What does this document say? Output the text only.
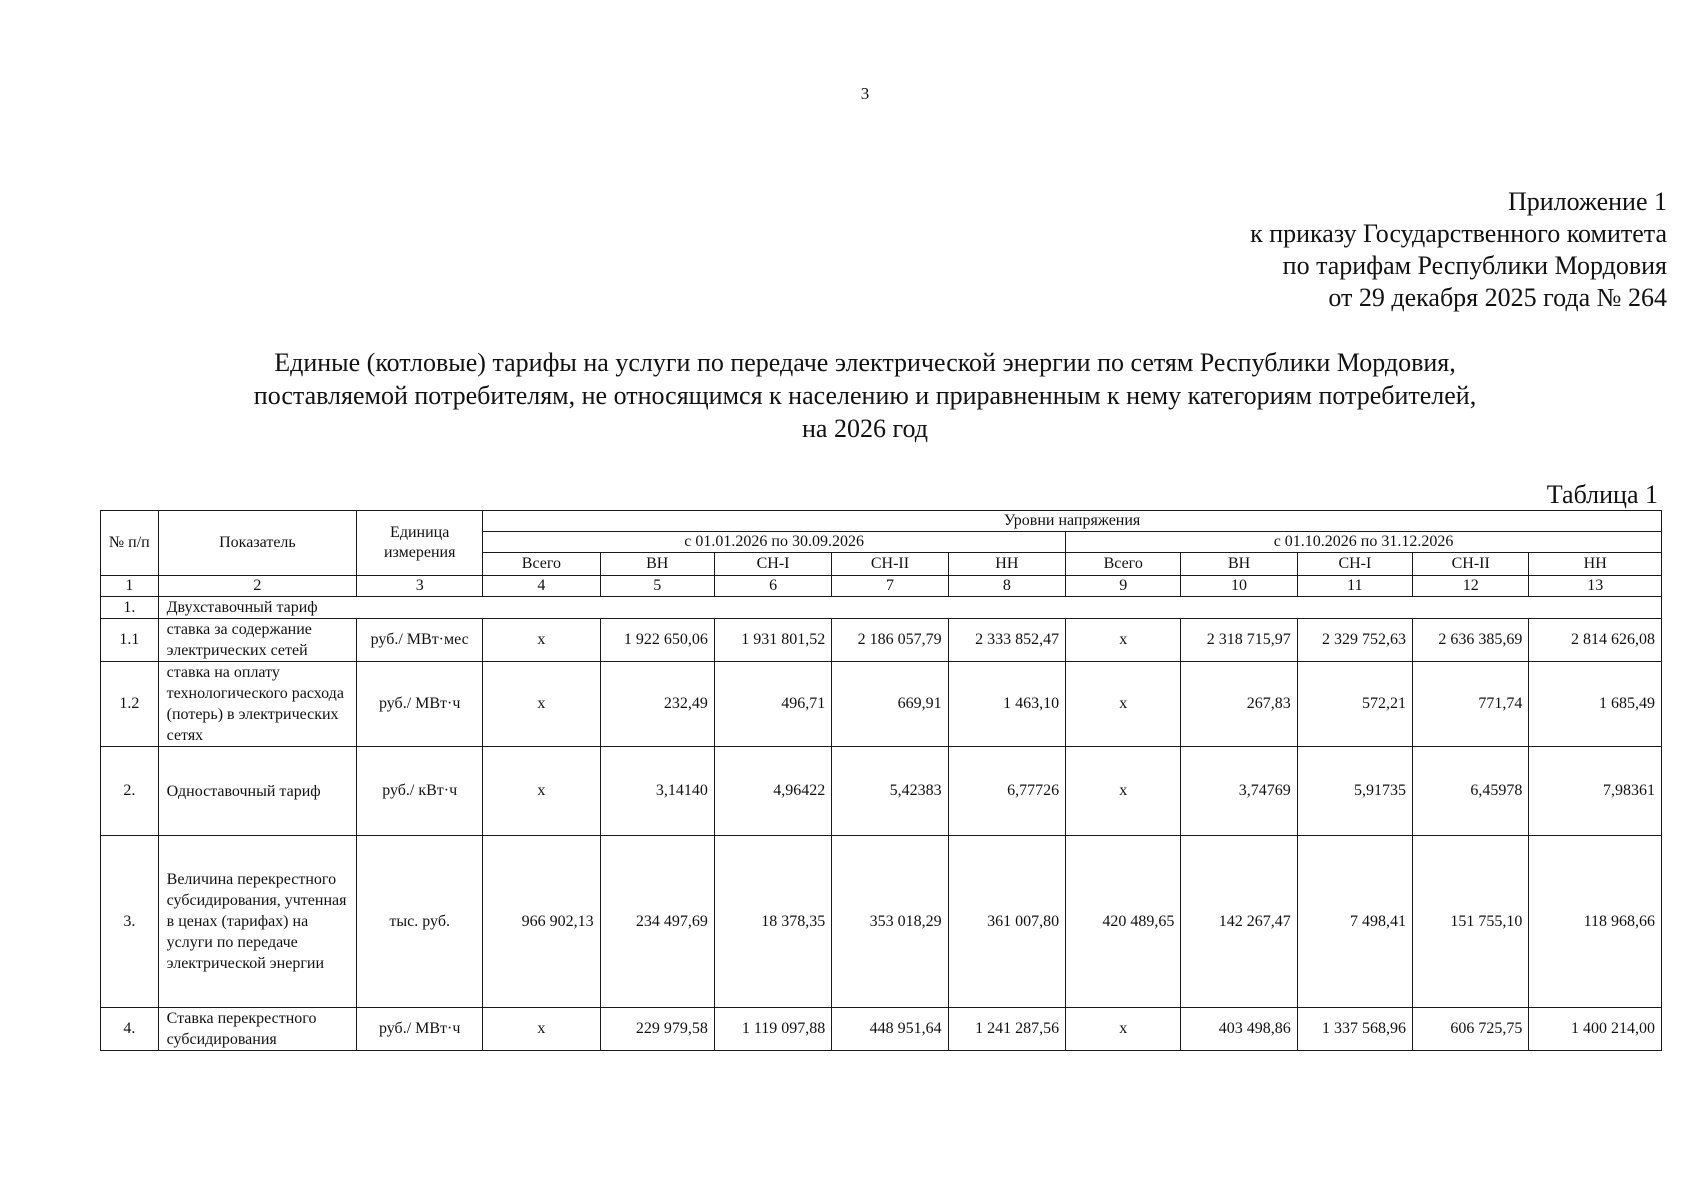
3
Приложение 1
к приказу Государственного комитета
по тарифам Республики Мордовия
от 29 декабря 2025 года № 264
Единые (котловые) тарифы на услуги по передаче электрической энергии по сетям Республики Мордовия,
поставляемой потребителям, не относящимся к населению и приравненным к нему категориям потребителей,
на 2026 год
Таблица 1
№ п/п	Показатель	Единица измерения	Уровни напряжения									
			с 01.01.2026 по 30.09.2026					с 01.10.2026 по 31.12.2026				
			Всего	ВН	СН-I	СН-II	НН	Всего	ВН	СН-I	СН-II	НН
1	2	3	4	5	6	7	8	9	10	11	12	13
1.	Двухставочный тариф											
1.1	ставка за содержание электрических сетей	руб./ МВт·мес	х	1 922 650,06	1 931 801,52	2 186 057,79	2 333 852,47	х	2 318 715,97	2 329 752,63	2 636 385,69	2 814 626,08
1.2	ставка на оплату технологического расхода (потерь) в электрических сетях	руб./ МВт·ч	х	232,49	496,71	669,91	1 463,10	х	267,83	572,21	771,74	1 685,49
2.	Одноставочный тариф	руб./ кВт·ч	х	3,14140	4,96422	5,42383	6,77726	х	3,74769	5,91735	6,45978	7,98361
3.	Величина перекрестного субсидирования, учтенная в ценах (тарифах) на услуги по передаче электрической энергии	тыс. руб.	966 902,13	234 497,69	18 378,35	353 018,29	361 007,80	420 489,65	142 267,47	7 498,41	151 755,10	118 968,66
4.	Ставка перекрестного субсидирования	руб./ МВт·ч	х	229 979,58	1 119 097,88	448 951,64	1 241 287,56	х	403 498,86	1 337 568,96	606 725,75	1 400 214,00
